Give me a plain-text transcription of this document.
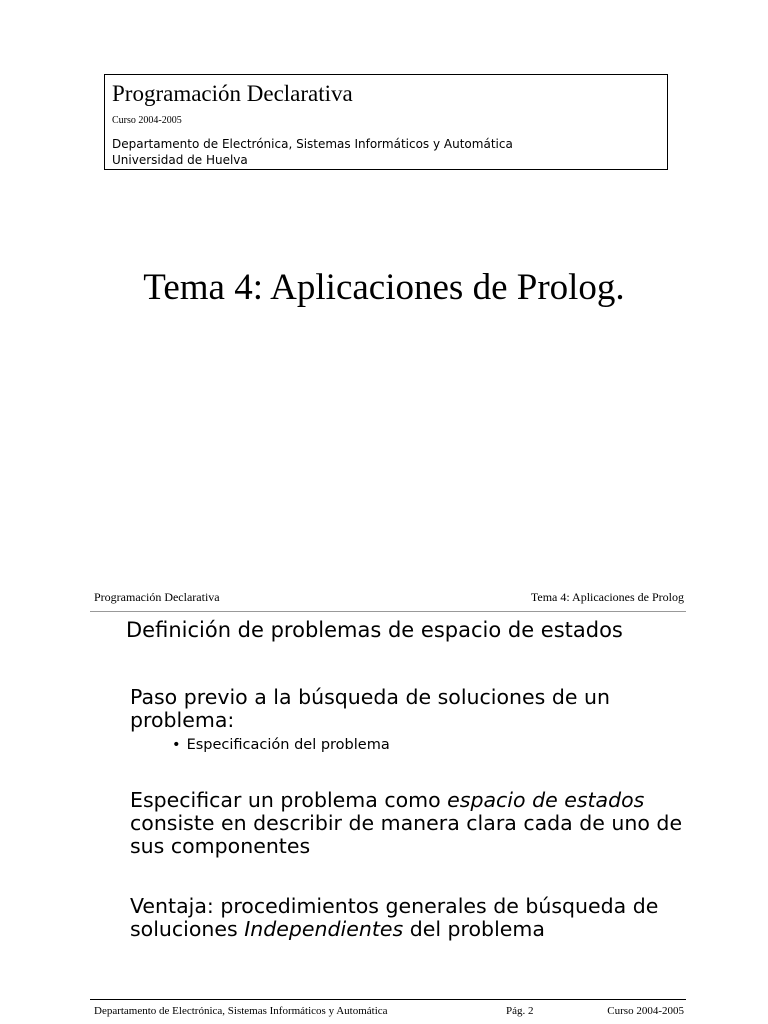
Programación Declarativa
Curso 2004-2005
Departamento de Electrónica, Sistemas Informáticos y Automática
Universidad de Huelva
Tema 4: Aplicaciones de Prolog.
Programación Declarativa	Tema 4: Aplicaciones de Prolog
Definición de problemas de espacio de estados
Paso previo a la búsqueda de soluciones de un problema:
• Especificación del problema
Especificar un problema como espacio de estados consiste en describir de manera clara cada de uno de sus componentes
Ventaja: procedimientos generales de búsqueda de soluciones Independientes del problema
Departamento de Electrónica, Sistemas Informáticos y Automática	Pág. 2	Curso 2004-2005
